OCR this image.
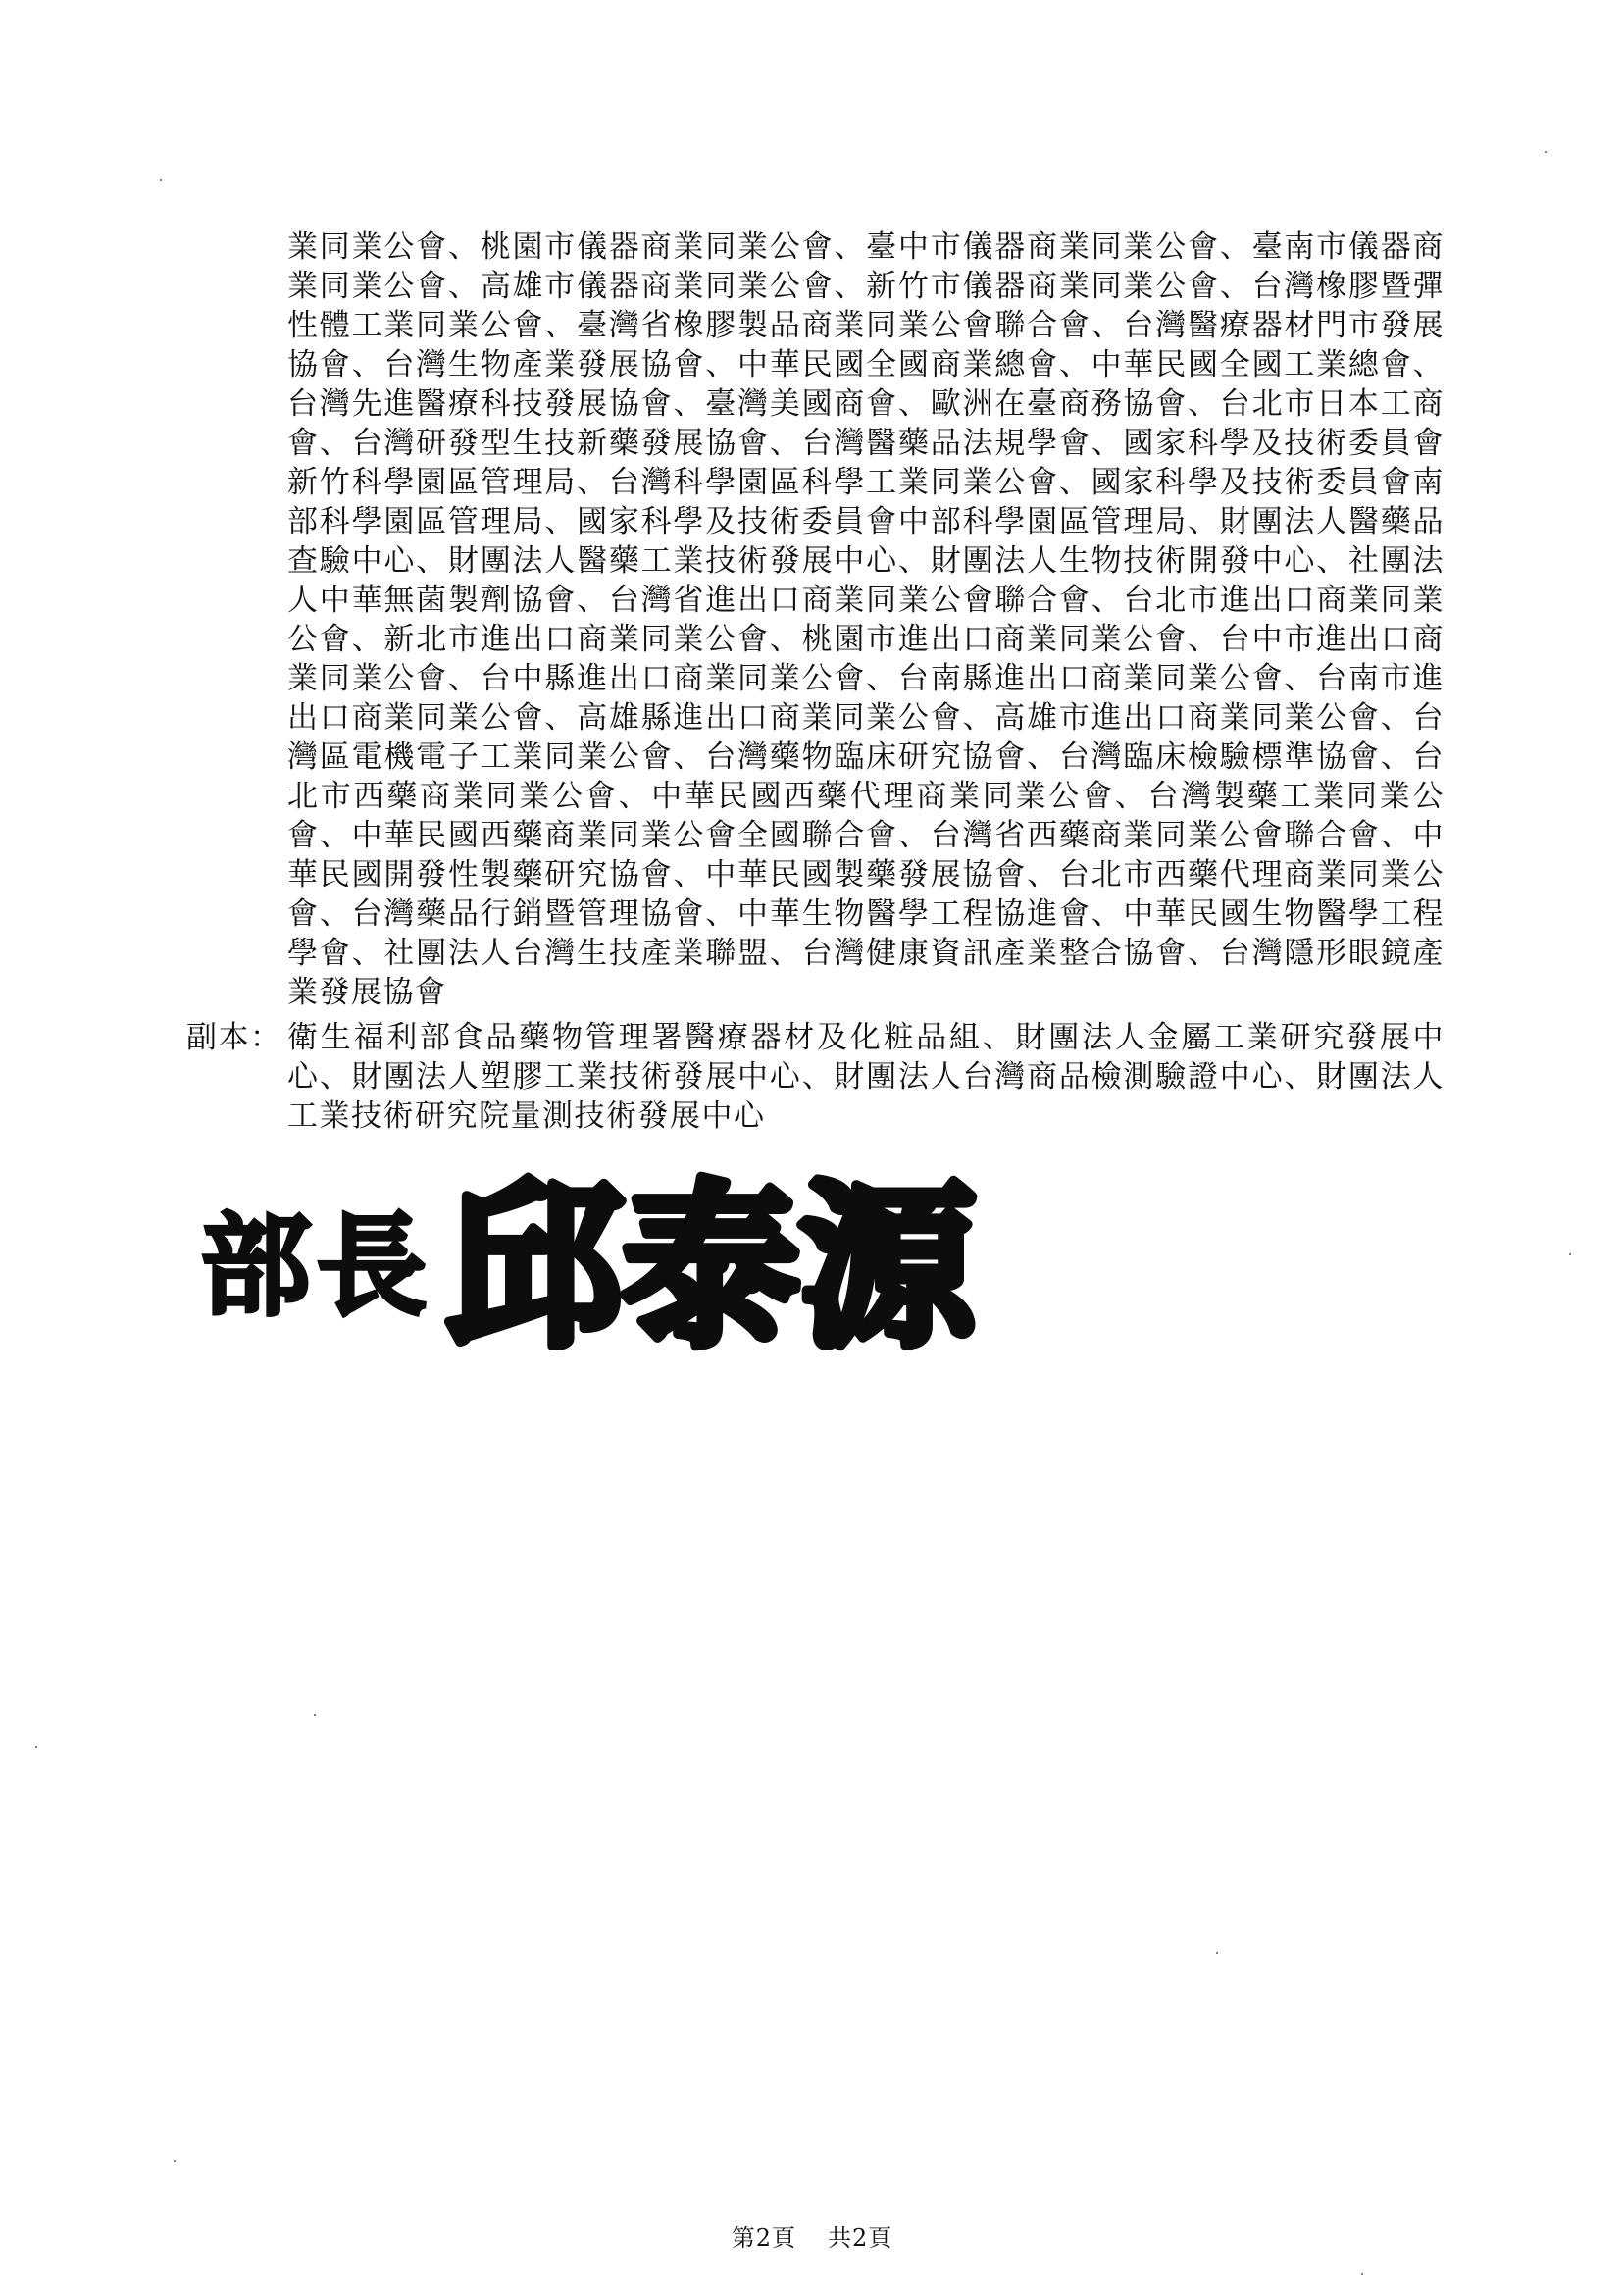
業同業公會、桃園市儀器商業同業公會、臺中市儀器商業同業公會、臺南市儀器商業同業公會、高雄市儀器商業同業公會、新竹市儀器商業同業公會、台灣橡膠暨彈性體工業同業公會、臺灣省橡膠製品商業同業公會聯合會、台灣醫療器材門市發展協會、台灣生物產業發展協會、中華民國全國商業總會、中華民國全國工業總會、台灣先進醫療科技發展協會、臺灣美國商會、歐洲在臺商務協會、台北市日本工商會、台灣研發型生技新藥發展協會、台灣醫藥品法規學會、國家科學及技術委員會新竹科學園區管理局、台灣科學園區科學工業同業公會、國家科學及技術委員會南部科學園區管理局、國家科學及技術委員會中部科學園區管理局、財團法人醫藥品查驗中心、財團法人醫藥工業技術發展中心、財團法人生物技術開發中心、社團法人中華無菌製劑協會、台灣省進出口商業同業公會聯合會、台北市進出口商業同業公會、新北市進出口商業同業公會、桃園市進出口商業同業公會、台中市進出口商業同業公會、台中縣進出口商業同業公會、台南縣進出口商業同業公會、台南市進出口商業同業公會、高雄縣進出口商業同業公會、高雄市進出口商業同業公會、台灣區電機電子工業同業公會、台灣藥物臨床研究協會、台灣臨床檢驗標準協會、台北市西藥商業同業公會、中華民國西藥代理商業同業公會、台灣製藥工業同業公會、中華民國西藥商業同業公會全國聯合會、台灣省西藥商業同業公會聯合會、中華民國開發性製藥研究協會、中華民國製藥發展協會、台北市西藥代理商業同業公會、台灣藥品行銷暨管理協會、中華生物醫學工程協進會、中華民國生物醫學工程學會、社團法人台灣生技產業聯盟、台灣健康資訊產業整合協會、台灣隱形眼鏡產業發展協會
副本： 衛生福利部食品藥物管理署醫療器材及化粧品組、財團法人金屬工業研究發展中心、財團法人塑膠工業技術發展中心、財團法人台灣商品檢測驗證中心、財團法人工業技術研究院量測技術發展中心
部長 邱泰源
第2頁 共2頁
